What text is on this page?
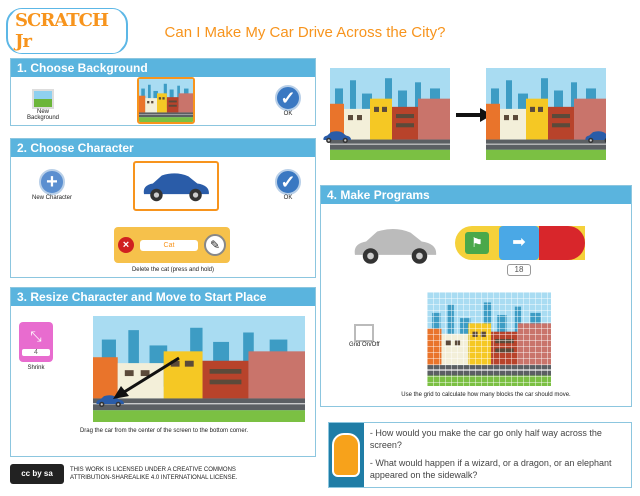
SCRATCH Jr	Can I Make My Car Drive Across the City?
1. Choose Background
New Background
✓
OK
2. Choose Character
+
New Character
✓
OK
×	Cat	✎
Delete the cat (press and hold)
3. Resize Character and Move to Start Place
⤡
4
Shrink
Drag the car from the center of the screen to the bottom corner.
4. Make Programs
⚑	➡
18
Grid On/Off
Use the grid to calculate how many blocks the car should move.
- How would you make the car go only half way across the screen?
- What would happen if a wizard, or a dragon, or an elephant appeared on the sidewalk?
cc by sa	THIS WORK IS LICENSED UNDER A CREATIVE COMMONS
ATTRIBUTION-SHAREALIKE 4.0 INTERNATIONAL LICENSE.
